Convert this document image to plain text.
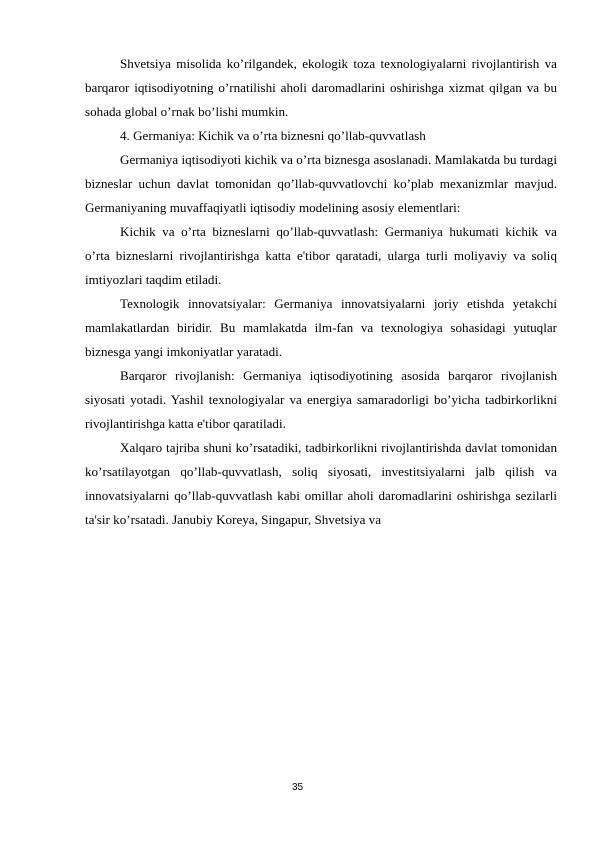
Shvetsiya misolida ko’rilgandek, ekologik toza texnologiyalarni rivojlantirish va barqaror iqtisodiyotning o’rnatilishi aholi daromadlarini oshirishga xizmat qilgan va bu sohada global o’rnak bo’lishi mumkin.

4. Germaniya: Kichik va o’rta biznesni qo’llab-quvvatlash

Germaniya iqtisodiyoti kichik va o’rta biznesga asoslanadi. Mamlakatda bu turdagi bizneslar uchun davlat tomonidan qo’llab-quvvatlovchi ko’plab mexanizmlar mavjud. Germaniyaning muvaffaqiyatli iqtisodiy modelining asosiy elementlari:

Kichik va o’rta bizneslarni qo’llab-quvvatlash: Germaniya hukumati kichik va o’rta bizneslarni rivojlantirishga katta e'tibor qaratadi, ularga turli moliyaviy va soliq imtiyozlari taqdim etiladi.

Texnologik innovatsiyalar: Germaniya innovatsiyalarni joriy etishda yetakchi mamlakatlardan biridir. Bu mamlakatda ilm-fan va texnologiya sohasidagi yutuqlar biznesga yangi imkoniyatlar yaratadi.

Barqaror rivojlanish: Germaniya iqtisodiyotining asosida barqaror rivojlanish siyosati yotadi. Yashil texnologiyalar va energiya samaradorligi bo’yicha tadbirkorlikni rivojlantirishga katta e'tibor qaratiladi.

Xalqaro tajriba shuni ko’rsatadiki, tadbirkorlikni rivojlantirishda davlat tomonidan ko’rsatilayotgan qo’llab-quvvatlash, soliq siyosati, investitsiyalarni jalb qilish va innovatsiyalarni qo’llab-quvvatlash kabi omillar aholi daromadlarini oshirishga sezilarli ta'sir ko’rsatadi. Janubiy Koreya, Singapur, Shvetsiya va

35
